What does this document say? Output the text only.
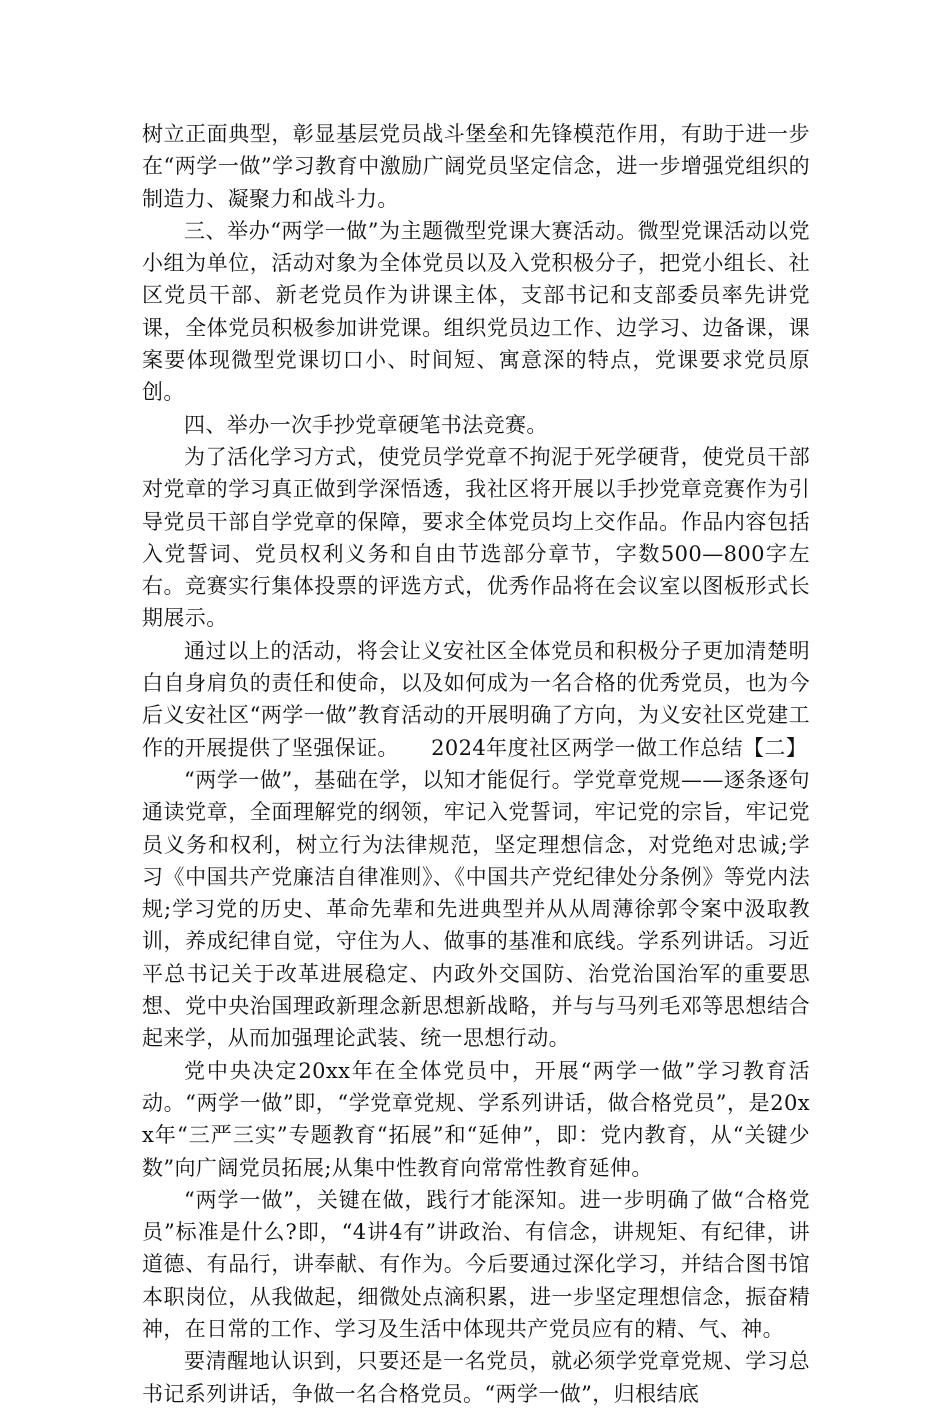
树立正面典型，彰显基层党员战斗堡垒和先锋模范作用，有助于进一步在“两学一做”学习教育中激励广阔党员坚定信念，进一步增强党组织的制造力、凝聚力和战斗力。

三、举办“两学一做”为主题微型党课大赛活动。微型党课活动以党小组为单位，活动对象为全体党员以及入党积极分子，把党小组长、社区党员干部、新老党员作为讲课主体，支部书记和支部委员率先讲党课，全体党员积极参加讲党课。组织党员边工作、边学习、边备课，课案要体现微型党课切口小、时间短、寓意深的特点，党课要求党员原创。

四、举办一次手抄党章硬笔书法竞赛。

为了活化学习方式，使党员学党章不拘泥于死学硬背，使党员干部对党章的学习真正做到学深悟透，我社区将开展以手抄党章竞赛作为引导党员干部自学党章的保障，要求全体党员均上交作品。作品内容包括入党誓词、党员权利义务和自由节选部分章节，字数500—800字左右。竞赛实行集体投票的评选方式，优秀作品将在会议室以图板形式长期展示。

通过以上的活动，将会让义安社区全体党员和积极分子更加清楚明白自身肩负的责任和使命，以及如何成为一名合格的优秀党员，也为今后义安社区“两学一做”教育活动的开展明确了方向，为义安社区党建工作的开展提供了坚强保证。　　2024年度社区两学一做工作总结【二】

“两学一做”，基础在学，以知才能促行。学党章党规——逐条逐句通读党章，全面理解党的纲领，牢记入党誓词，牢记党的宗旨，牢记党员义务和权利，树立行为法律规范，坚定理想信念，对党绝对忠诚;学习《中国共产党廉洁自律准则》、《中国共产党纪律处分条例》等党内法规;学习党的历史、革命先辈和先进典型并从从周薄徐郭令案中汲取教训，养成纪律自觉，守住为人、做事的基准和底线。学系列讲话。习近平总书记关于改革进展稳定、内政外交国防、治党治国治军的重要思想、党中央治国理政新理念新思想新战略，并与与马列毛邓等思想结合起来学，从而加强理论武装、统一思想行动。

党中央决定20xx年在全体党员中，开展“两学一做”学习教育活动。“两学一做”即，“学党章党规、学系列讲话，做合格党员”，是20xx年“三严三实”专题教育“拓展”和“延伸”，即：党内教育，从“关键少数”向广阔党员拓展;从集中性教育向常常性教育延伸。

“两学一做”，关键在做，践行才能深知。进一步明确了做“合格党员”标准是什么?即，“4讲4有”讲政治、有信念，讲规矩、有纪律，讲道德、有品行，讲奉献、有作为。今后要通过深化学习，并结合图书馆本职岗位，从我做起，细微处点滴积累，进一步坚定理想信念，振奋精神，在日常的工作、学习及生活中体现共产党员应有的精、气、神。

要清醒地认识到，只要还是一名党员，就必须学党章党规、学习总书记系列讲话，争做一名合格党员。“两学一做”，归根结底
